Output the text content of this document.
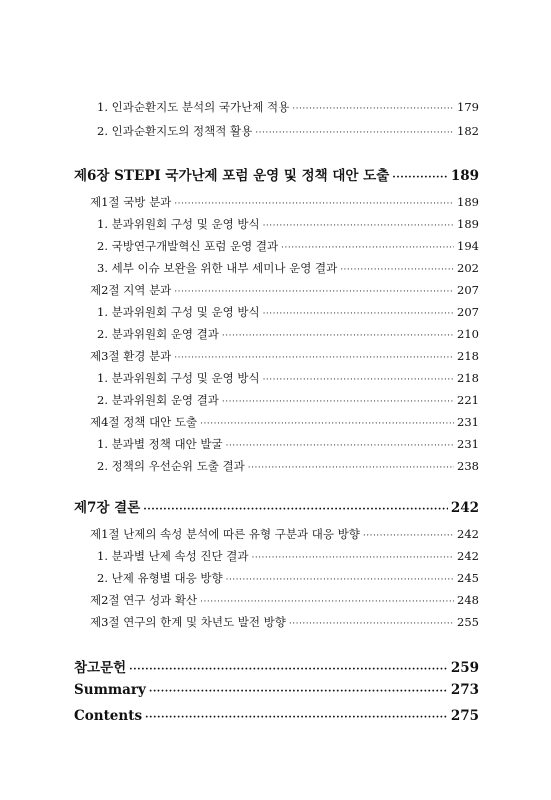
1. 인과순환지도 분석의 국가난제 적용 ·····	179
2. 인과순환지도의 정책적 활용 ·····	182
제6장 STEPI 국가난제 포럼 운영 및 정책 대안 도출 ·····	189
제1절 국방 분과 ·····	189
1. 분과위원회 구성 및 운영 방식 ·····	189
2. 국방연구개발혁신 포럼 운영 결과 ·····	194
3. 세부 이슈 보완을 위한 내부 세미나 운영 결과 ·····	202
제2절 지역 분과 ·····	207
1. 분과위원회 구성 및 운영 방식 ·····	207
2. 분과위원회 운영 결과 ·····	210
제3절 환경 분과 ·····	218
1. 분과위원회 구성 및 운영 방식 ·····	218
2. 분과위원회 운영 결과 ·····	221
제4절 정책 대안 도출 ·····	231
1. 분과별 정책 대안 발굴 ·····	231
2. 정책의 우선순위 도출 결과 ·····	238
제7장 결론 ·····	242
제1절 난제의 속성 분석에 따른 유형 구분과 대응 방향 ·····	242
1. 분과별 난제 속성 진단 결과 ·····	242
2. 난제 유형별 대응 방향 ·····	245
제2절 연구 성과 확산 ·····	248
제3절 연구의 한계 및 차년도 발전 방향 ·····	255
참고문헌 ·····	259
Summary ·····	273
Contents ·····	275
